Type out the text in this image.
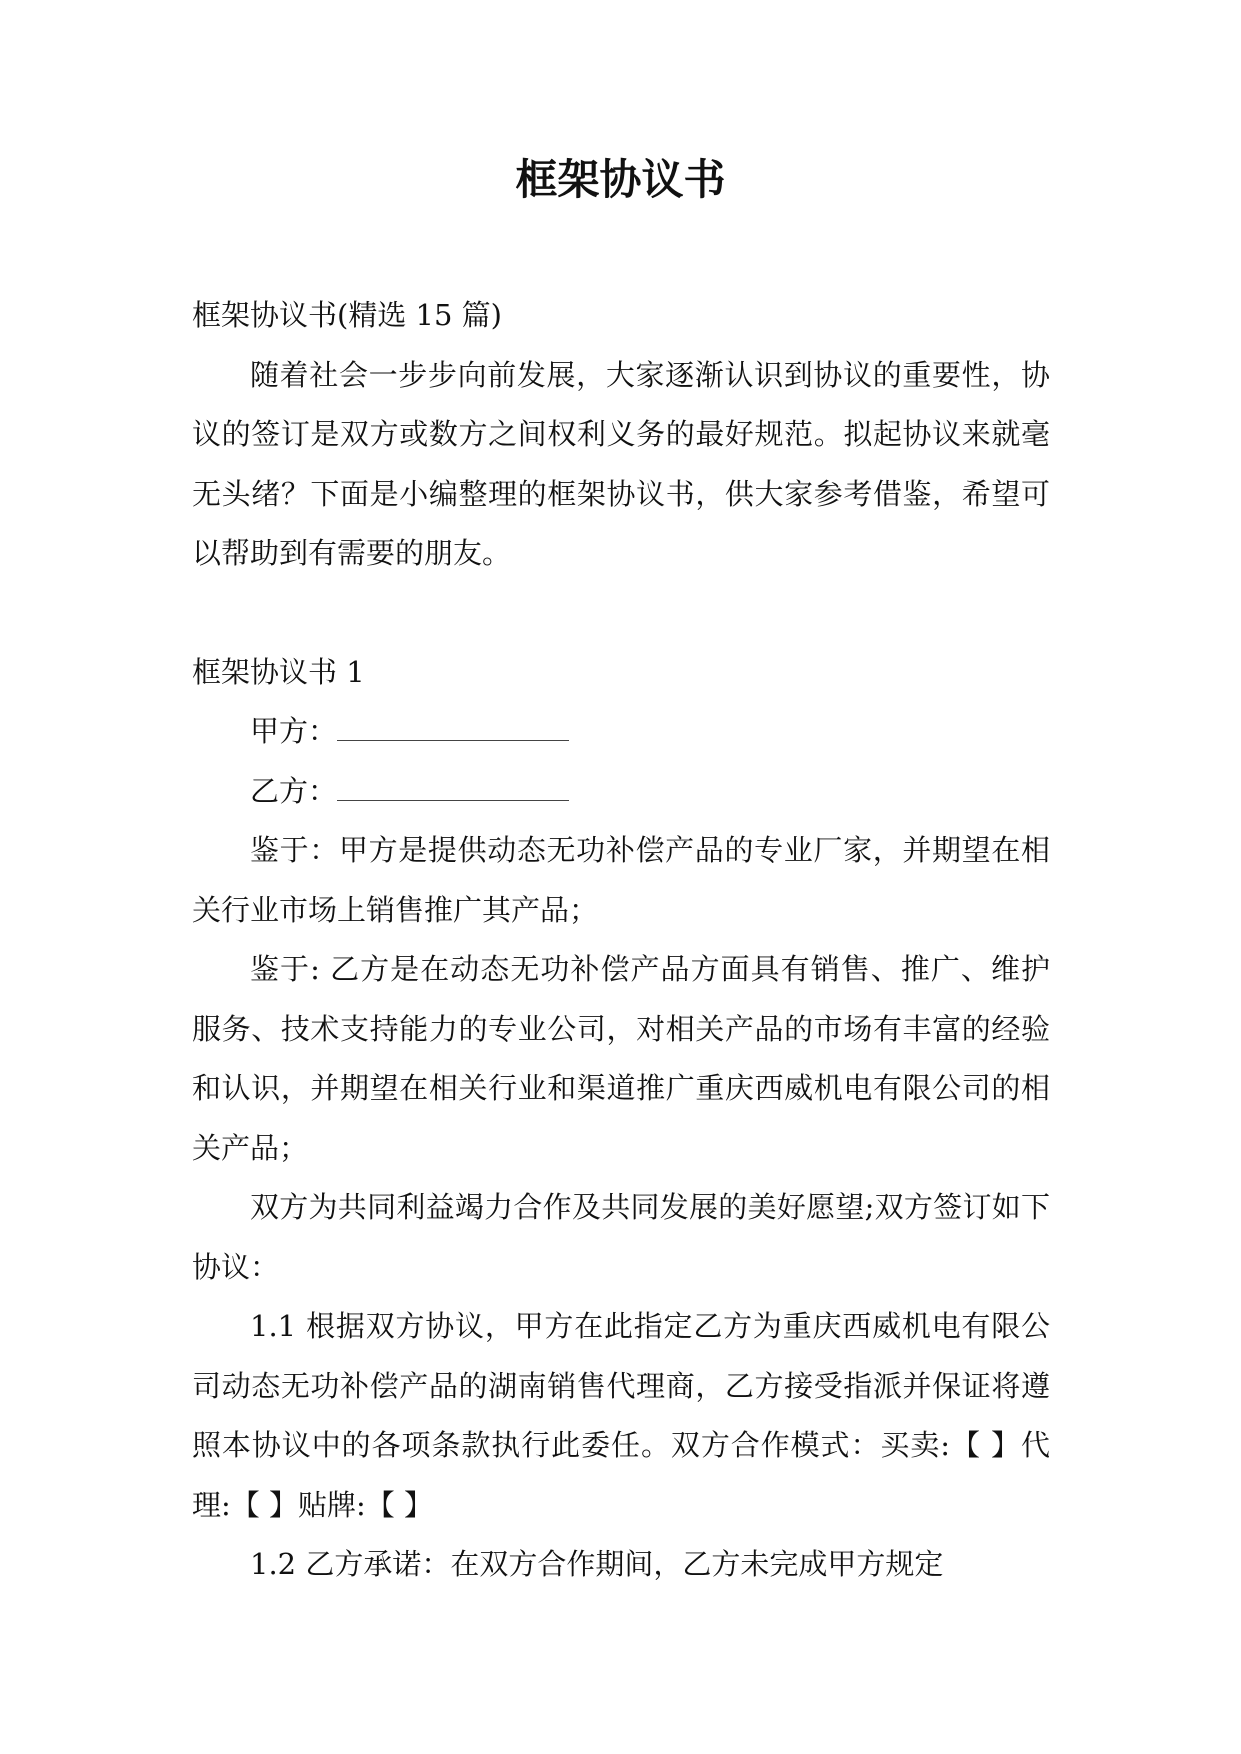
框架协议书

框架协议书(精选 15 篇)

随着社会一步步向前发展，大家逐渐认识到协议的重要性，协议的签订是双方或数方之间权利义务的最好规范。拟起协议来就毫无头绪？下面是小编整理的框架协议书，供大家参考借鉴，希望可以帮助到有需要的朋友。

框架协议书 1

甲方：

乙方：

鉴于：甲方是提供动态无功补偿产品的专业厂家，并期望在相关行业市场上销售推广其产品；

鉴于: 乙方是在动态无功补偿产品方面具有销售、推广、维护服务、技术支持能力的专业公司，对相关产品的市场有丰富的经验和认识，并期望在相关行业和渠道推广重庆西威机电有限公司的相关产品；

双方为共同利益竭力合作及共同发展的美好愿望;双方签订如下协议：

1.1 根据双方协议，甲方在此指定乙方为重庆西威机电有限公司动态无功补偿产品的湖南销售代理商，乙方接受指派并保证将遵照本协议中的各项条款执行此委任。双方合作模式：买卖:【 】代理:【 】贴牌:【 】

1.2 乙方承诺：在双方合作期间，乙方未完成甲方规定
